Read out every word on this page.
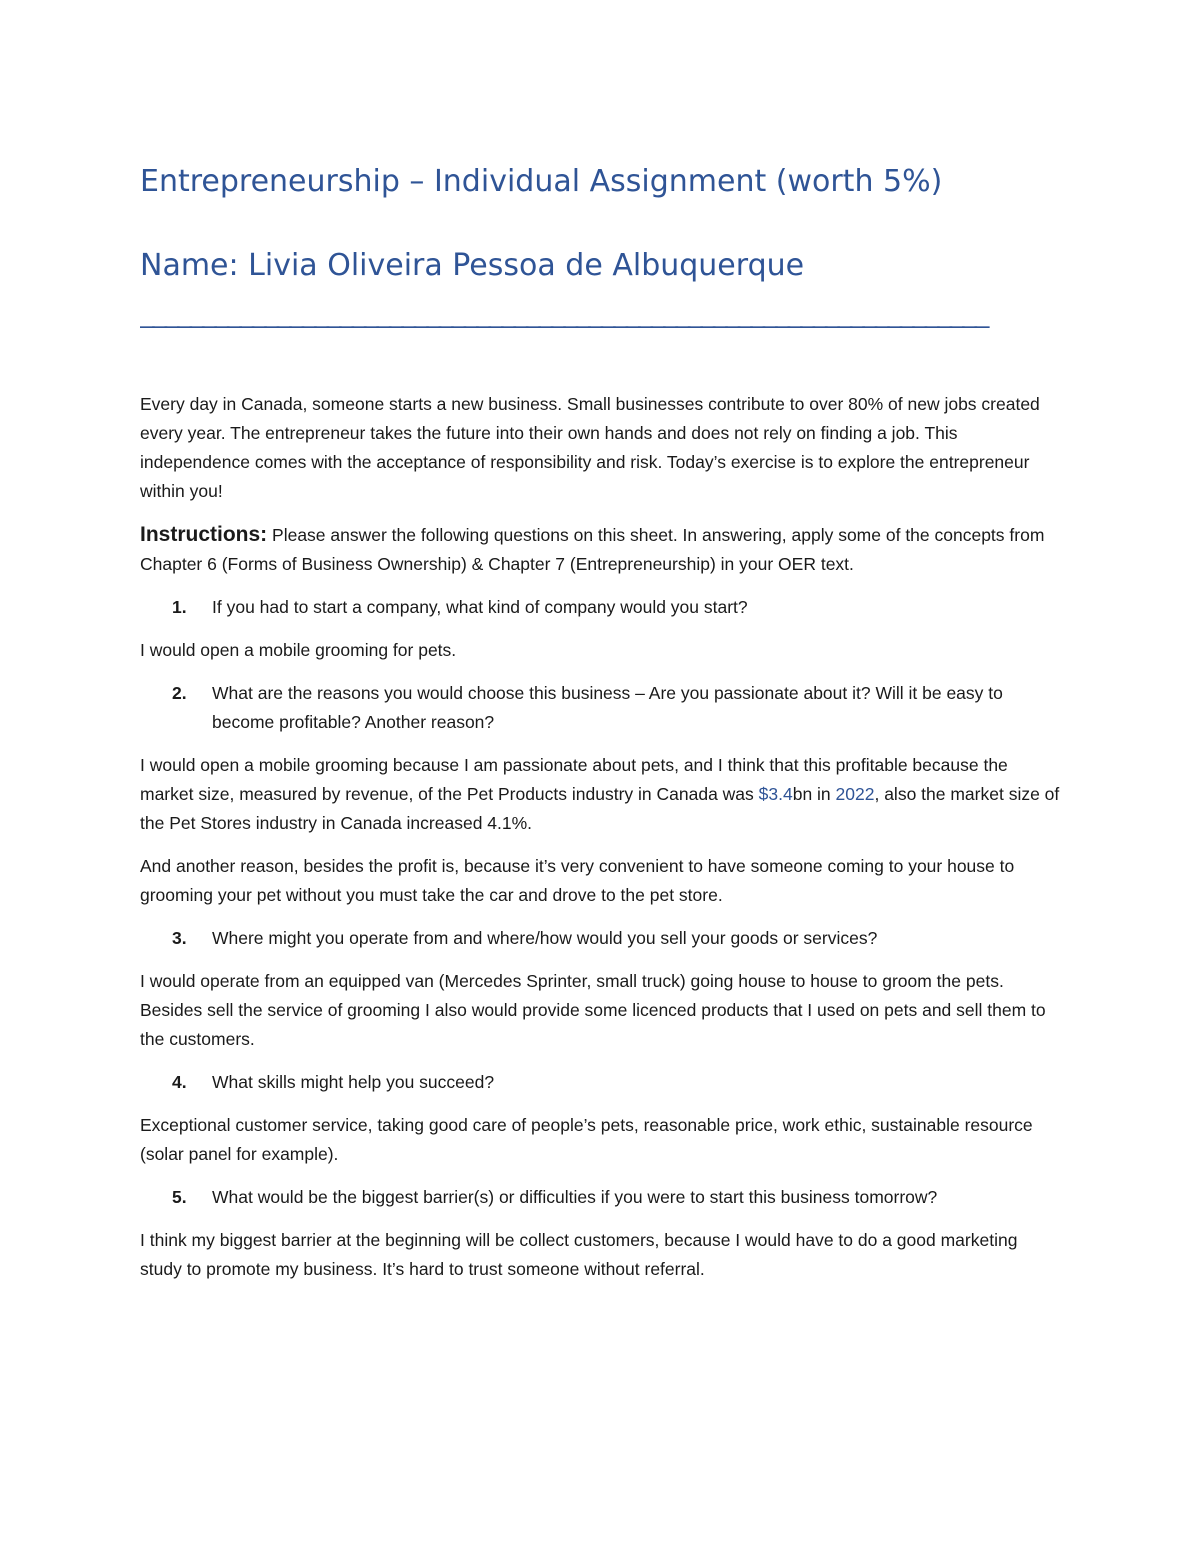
Entrepreneurship – Individual Assignment (worth 5%)
Name: Livia Oliveira Pessoa de Albuquerque
____________________________________________________________________

Every day in Canada, someone starts a new business. Small businesses contribute to over 80% of new jobs created every year. The entrepreneur takes the future into their own hands and does not rely on finding a job. This independence comes with the acceptance of responsibility and risk. Today’s exercise is to explore the entrepreneur within you!

Instructions: Please answer the following questions on this sheet. In answering, apply some of the concepts from Chapter 6 (Forms of Business Ownership) & Chapter 7 (Entrepreneurship) in your OER text.

1.	If you had to start a company, what kind of company would you start?

I would open a mobile grooming for pets.

2.	What are the reasons you would choose this business – Are you passionate about it? Will it be easy to become profitable? Another reason?

I would open a mobile grooming because I am passionate about pets, and I think that this profitable because the market size, measured by revenue, of the Pet Products industry in Canada was $3.4bn in 2022, also the market size of the Pet Stores industry in Canada increased 4.1%.

And another reason, besides the profit is, because it’s very convenient to have someone coming to your house to grooming your pet without you must take the car and drove to the pet store.

3.	Where might you operate from and where/how would you sell your goods or services?

I would operate from an equipped van (Mercedes Sprinter, small truck) going house to house to groom the pets. Besides sell the service of grooming I also would provide some licenced products that I used on pets and sell them to the customers.

4.	What skills might help you succeed?

Exceptional customer service, taking good care of people’s pets, reasonable price, work ethic, sustainable resource (solar panel for example).

5.	What would be the biggest barrier(s) or difficulties if you were to start this business tomorrow?

I think my biggest barrier at the beginning will be collect customers, because I would have to do a good marketing study to promote my business. It’s hard to trust someone without referral.
